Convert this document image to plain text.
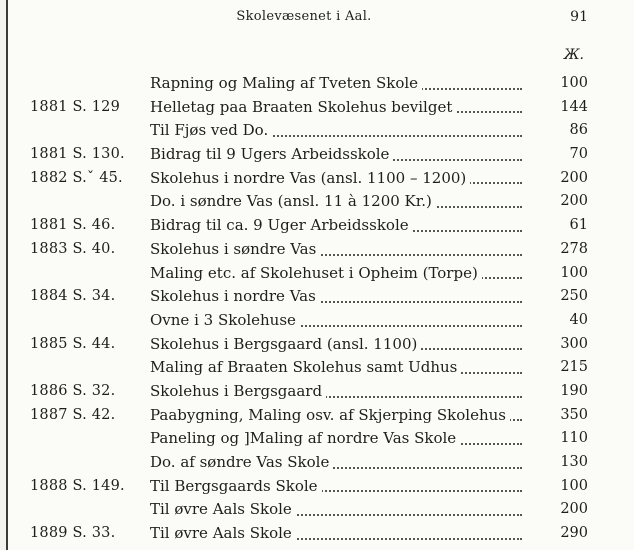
Skolevæsenet i Aal.	91
Ж.
Rapning og Maling af Tveten Skole	100
1881 S. 129	Helletag paa Braaten Skolehus bevilget	144
Til Fjøs ved Do.	86
1881 S. 130.	Bidrag til 9 Ugers Arbeidsskole	70
1882 S.ˇ 45.	Skolehus i nordre Vas (ansl. 1100 – 1200)	200
Do. i søndre Vas (ansl. 11 à 1200 Kr.)	200
1881 S. 46.	Bidrag til ca. 9 Uger Arbeidsskole	61
1883 S. 40.	Skolehus i søndre Vas	278
Maling etc. af Skolehuset i Opheim (Torpe)	100
1884 S. 34.	Skolehus i nordre Vas	250
Ovne i 3 Skolehuse	40
1885 S. 44.	Skolehus i Bergsgaard (ansl. 1100)	300
Maling af Braaten Skolehus samt Udhus	215
1886 S. 32.	Skolehus i Bergsgaard	190
1887 S. 42.	Paabygning, Maling osv. af Skjerping Skolehus	350
Paneling og ]Maling af nordre Vas Skole	110
Do. af søndre Vas Skole	130
1888 S. 149.	Til Bergsgaards Skole	100
Til øvre Aals Skole	200
1889 S. 33.	Til øvre Aals Skole	290
